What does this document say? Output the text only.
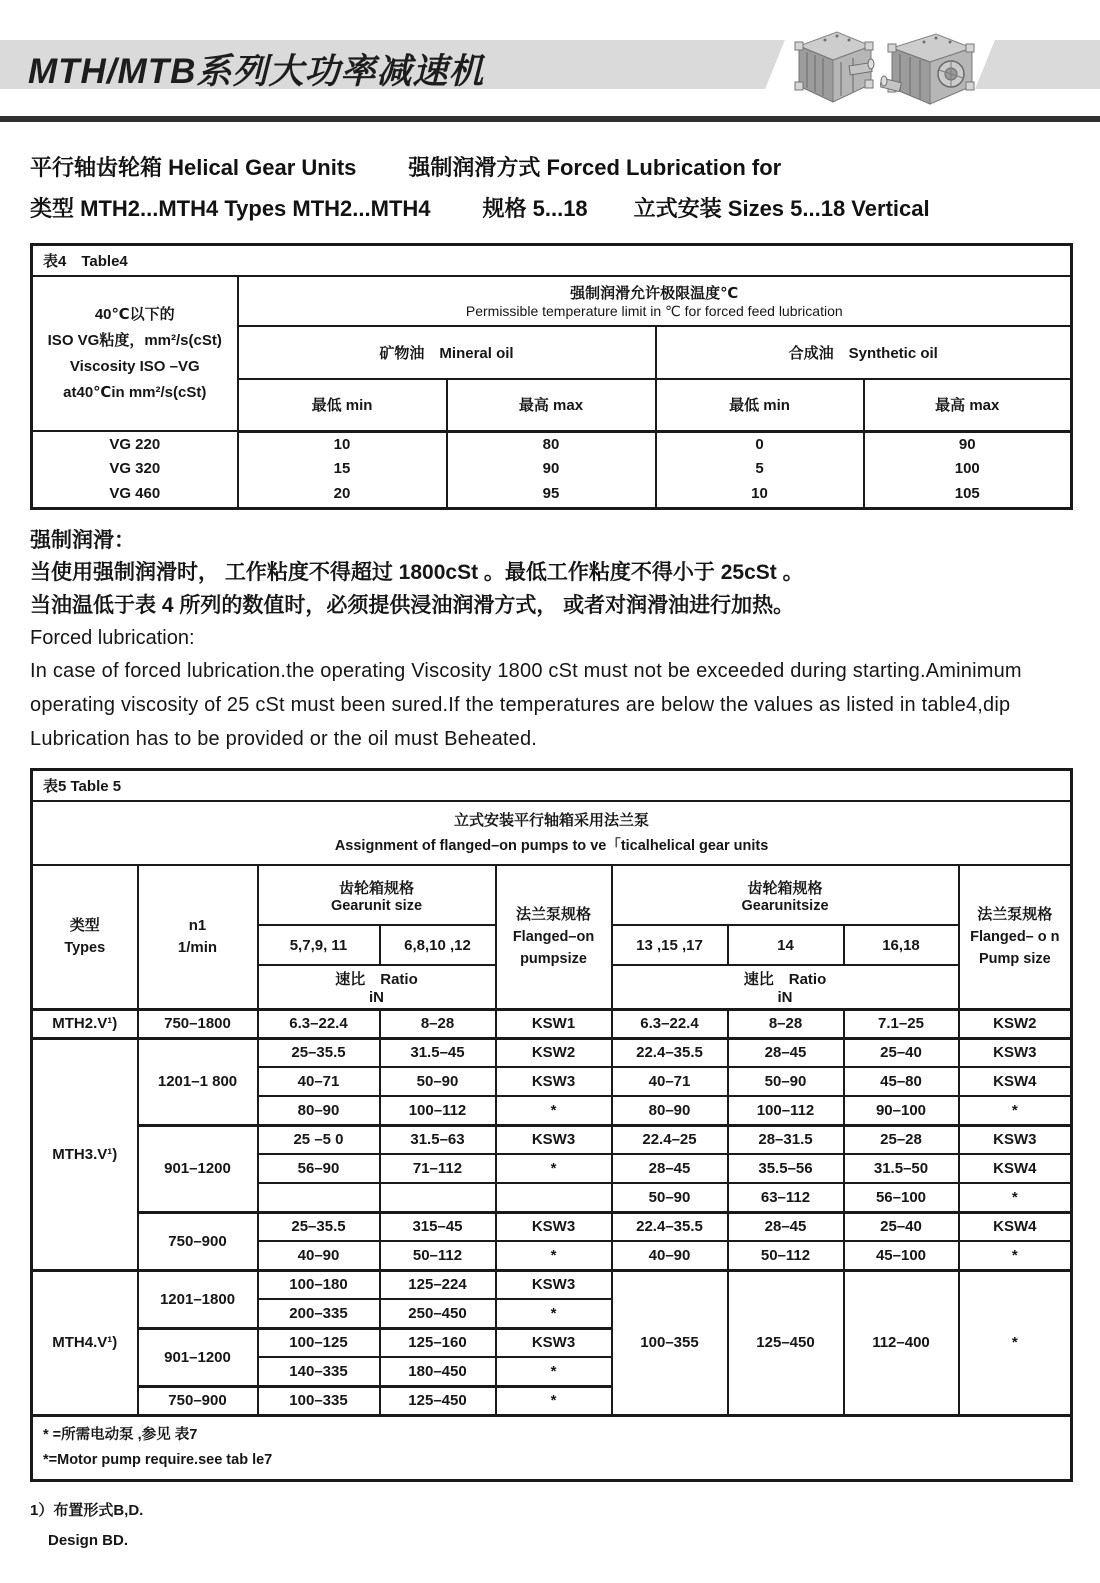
MTH/MTB系列大功率减速机
平行轴齿轮箱 Helical Gear Units 强制润滑方式 Forced Lubrication for
类型 MTH2...MTH4 Types MTH2...MTH4 规格 5...18 立式安装 Sizes 5...18 Vertical
表4　Table4				

40℃以下的
ISO VG粘度，mm²/s(cSt)
Viscosity ISO –VG
at40℃in mm²/s(cSt)

强制润滑允许极限温度℃
Permissible temperature limit in ℃ for forced feed lubrication

	矿物油　Mineral oil		合成油　Synthetic oil	
	最低 min	最高 max	最低 min	最高 max
VG 220	10	80	0	90
VG 320	15	90	5	100
VG 460	20	95	10	105
强制润滑：
当使用强制润滑时， 工作粘度不得超过 1800cSt 。最低工作粘度不得小于 25cSt 。
当油温低于表 4 所列的数值时，必须提供浸油润滑方式， 或者对润滑油进行加热。
Forced lubrication:
In case of forced lubrication.the operating Viscosity 1800 cSt must not be exceeded during starting.Aminimum
operating viscosity of 25 cSt must been sured.If the temperatures are below the values as listed in table4,dip
Lubrication has to be provided or the oil must Beheated.
表5 Table 5								

立式安装平行轴箱采用法兰泵
Assignment of flanged–on pumps to ve「ticalhelical gear units								

类型
Types

n1
1/min

齿轮箱规格
Gearunit size

法兰泵规格
Flanged–on
pumpsize

齿轮箱规格
Gearunitsize

法兰泵规格
Flanged– o n
Pump size

		5,7,9, 11	6,8,10 ,12		13 ,15 ,17	14	16,18	

速比　Ratio
iN

速比　Ratio
iN

MTH2.V¹)	750–1800	6.3–22.4	8–28	KSW1	6.3–22.4	8–28	7.1–25	KSW2
MTH3.V¹)	1201–1 800	25–35.5	31.5–45	KSW2	22.4–35.5	28–45	25–40	KSW3
		40–71	50–90	KSW3	40–71	50–90	45–80	KSW4
		80–90	100–112	*	80–90	100–112	90–100	*
	901–1200	25 –5 0	31.5–63	KSW3	22.4–25	28–31.5	25–28	KSW3
		56–90	71–112	*	28–45	35.5–56	31.5–50	KSW4
					50–90	63–112	56–100	*
	750–900	25–35.5	315–45	KSW3	22.4–35.5	28–45	25–40	KSW4
		40–90	50–112	*	40–90	50–112	45–100	*
MTH4.V¹)	1201–1800	100–180	125–224	KSW3	100–355	125–450	112–400	*
		200–335	250–450	*				
	901–1200	100–125	125–160	KSW3				
		140–335	180–450	*				
	750–900	100–335	125–450	*				

* =所需电动泵 ,参见 表7
*=Motor pump require.see tab le7								
1）布置形式B,D.
Design BD.
